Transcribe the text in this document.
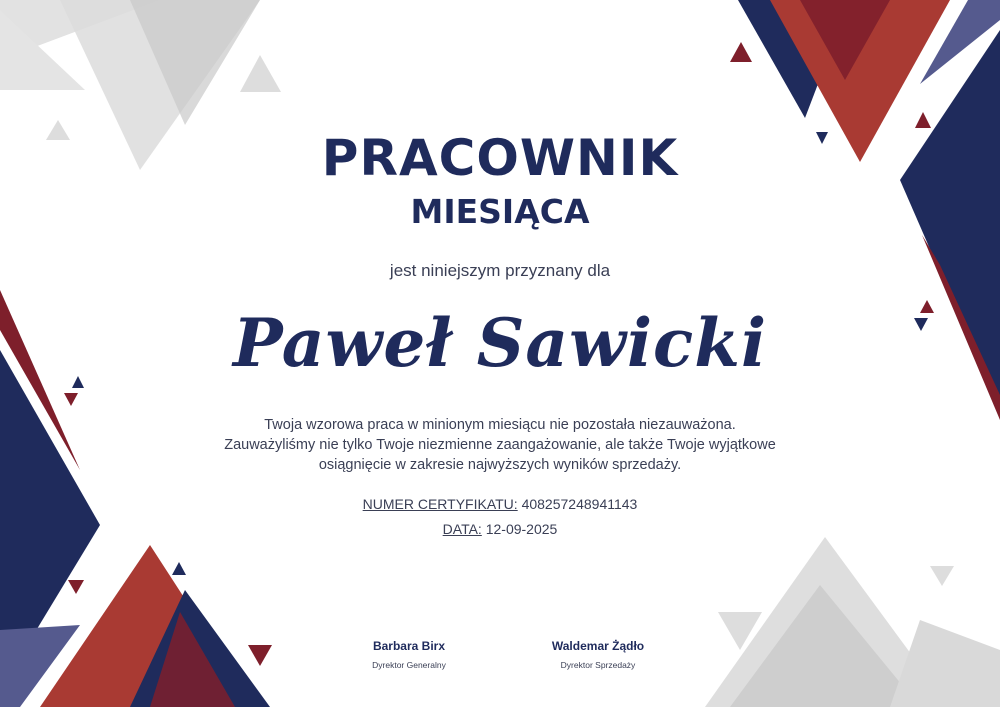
PRACOWNIK
MIESIĄCA
jest niniejszym przyznany dla
Paweł Sawicki
Twoja wzorowa praca w minionym miesiącu nie pozostała niezauważona.
Zauważyliśmy nie tylko Twoje niezmienne zaangażowanie, ale także Twoje wyjątkowe
osiągnięcie w zakresie najwyższych wyników sprzedaży.
NUMER CERTYFIKATU: 408257248941143
DATA: 12-09-2025
Barbara Birx
Dyrektor Generalny
Waldemar Żądło
Dyrektor Sprzedaży
